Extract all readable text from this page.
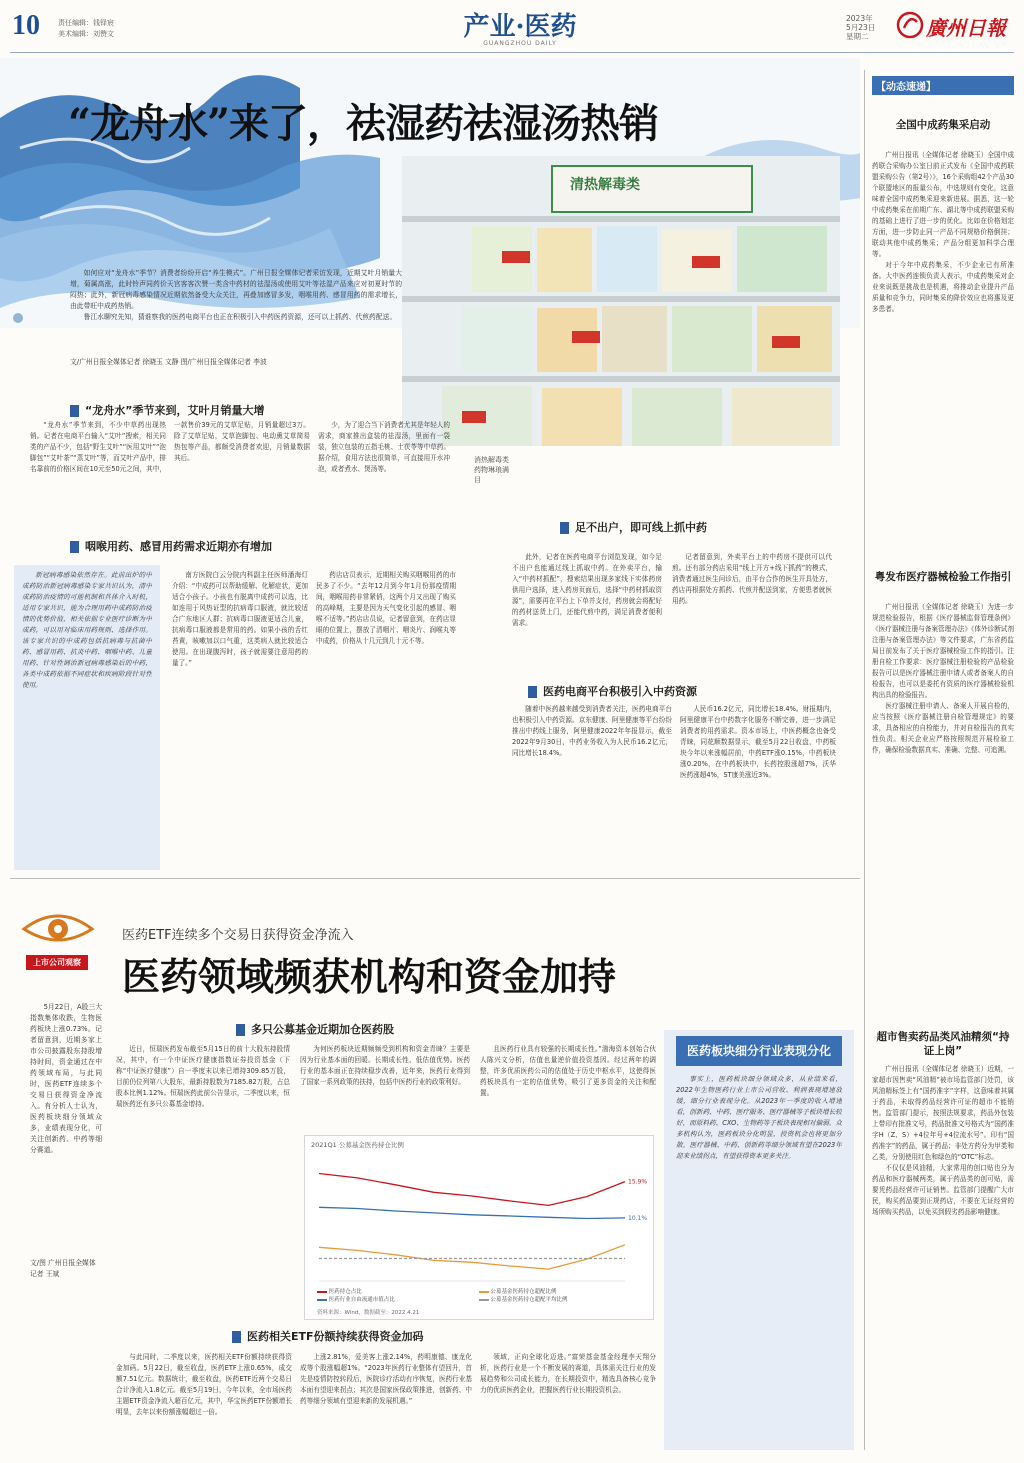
10	责任编辑：钱铎宸
美术编辑：刘赞文	产业·医药
GUANGZHOU DAILY
2023年
5月23日
星期二	廣州日報
“龙舟水”来了，祛湿药祛湿汤热销
清热解毒类
消热解毒类药物琳琅满目

如何应对“龙舟水”季节？消费者纷纷开启“养生模式”。广州日报全媒体记者采访发现，近期艾叶月销量大增，菊属高涨，此时铃声同药价天宫客客次赞一类含中药材的祛湿汤或使用艾叶等祛湿产品来应对初夏时节的闷热；此外，新冠病毒感染情况近期依然备受大众关注，再叠加感冒多发，咽喉用药、感冒用药的需求增长，由此带旺中成药热销。

鲁江水聊究先知，猜谁察我的医药电商平台也正在积极引入中药医药资源，还可以上抓药、代煎药配送。

文/广州日报全媒体记者 徐晓玉 文静 图/广州日报全媒体记者 李波
“龙舟水”季节来到，艾叶月销量大增

“龙舟水”季节来到，不少中草药出现热销。记者在电商平台输入“艾叶”搜索，相关同类的产品不少，包括“野生艾叶”“医用艾叶”“泡脚包”“艾叶茶”“蒸艾叶”等，而艾叶产品中，排名靠前的价格区间在10元至50元之间，其中，一款售价39元的艾草足贴，月销量超过3万。除了艾草足贴，艾草泡脚包、电动熏艾草简易热包等产品，都颇受消费者欢迎，月销量数据其后。

少，为了迎合当下消费者尤其是年轻人的需求，商家推出盒装的祛湿汤，里面有一袋装，独立包装的五指毛桃、土茯苓等中草药。据介绍，食用方法也很简单，可直接用开水冲泡，或者煮水、煲汤等。

咽喉用药、感冒用药需求近期亦有增加

新冠病毒感染依然存在。此前出炉的中成药防治新冠病毒感染专家共识认为，清中成药防治疫情的可能机制和具体介入时机，适用专家共识，能为合理用药中成药防治疫情的优势价值，相关依据专业医疗诊断为中成药，可以用对临床用药规则、选择作用。该专家共识的中成药包括抗病毒与抗菌中药、感冒用药、抗炎中药、咽喉中药、儿童用药、针对性调治新冠病毒感染后的中药，各类中成药依据不同症状和疾病阶段针对性使用。

南方医院白云分院内科副主任医师潘海灯介绍：“中成药可以帮助缓解、化解症状，更加适合小孩子。小孩也有脱离中成药可以选，比如连用于风热证型的抗病毒口服液，就比较适合广东地区人群；抗病毒口服液更适合儿童，抗病毒口服液都是常用的药。如果小孩的舌红苔黄，咳嗽加以口气重，这类病人就比较适合使用。在出现腹泻时，孩子就需要注意用药的量了。”

药店店员表示，近期相关购买咽喉用药的市民多了不少。“去年12月到今年1月份那疫情期间，咽喉用药非常紧俏，这两个月又出现了购买的高峰期，主要是因为天气变化引起的感冒、咽喉不适等。”药店店员说，记者留意到，在药店显眼的位置上，摆放了清咽片、咽炎片、润喉丸等中成药，价格从十几元到几十元不等。

足不出户，即可线上抓中药

此外，记者在医药电商平台浏览发现，如今足不出户也能通过线上抓取中药。在外卖平台，输入“中药材抓配”，搜索结果出现多家线下实体药房供用户选择，进入药房页面后，选择“中药材抓取资源”，需要再在平台上下单并支付，药房就会将配好的药材送货上门，还能代煎中药，满足消费者便利需求。

记者留意到，外卖平台上的中药房不提供可以代煎。还有部分药店采用“线上开方+线下抓药”的模式，消费者通过医生问诊后，由平台合作的医生开具处方，药店再根据处方抓药、代煎并配送到家，方便患者就医用药。

医药电商平台积极引入中药资源

随着中医药越来越受到消费者关注，医药电商平台也积极引入中药资源。京东健康、阿里健康等平台纷纷推出中药线上服务，阿里健康2022年年报显示，截至2022年9月30日，中药业务收入为人民币16.2亿元，同比增长18.4%。

人民币16.2亿元，同比增长18.4%。财报期内，阿里健康平台中药数字化服务不断完善，进一步满足消费者的用药需求。资本市场上，中医药概念也备受青睐，同花顺数据显示，截至5月22日收盘，中药板块今年以来涨幅居前，中药ETF涨0.15%，中药板块涨0.20%，在中药板块中，长药控股涨超7%，沃华医药涨超4%，ST康美涨近3%。

上市公司观察
医药ETF连续多个交易日获得资金净流入
医药领域频获机构和资金加持

5月22日，A股三大指数集体收跌，生物医药板块上涨0.73%。记者留意到，近期多家上市公司披露股东持股增持时间，资金通过在中药领域布局，与此同时，医药ETF连续多个交易日获得资金净流入。有分析人士认为，医药板块细分领域众多，业绩表现分化，可关注创新药、中药等细分赛道。

文/图 广州日报全媒体记者 王斌
多只公募基金近期加仓医药股

近日，恒瑞医药发布截至5月15日的前十大股东持股情况，其中，有一个中证医疗健康指数证券投资基金（下称“中证医疗健康”）自一季度末以来已增持309.85万股，目前仍位列第八大股东，最新持股数为7185.82万股，占总股本比例1.12%。恒瑞医药此前公告显示，二季度以来，恒瑞医药还有多只公募基金增持。

为何医药板块近期频频受到机构和资金青睐？主要是因为行业基本面的回暖。长期成长性、低估值优势。医药行业的基本面正在持续稳步改善，近年来，医药行业得到了国家一系列政策的扶持，包括中医药行业的政策利好。

且医药行业具有较强的长期成长性。”渤海资本创始合伙人陈兴文分析，估值也量逆价值投资基因。经过两年的调整，许多优质医药公司的估值处于历史中枢水平，这使得医药板块具有一定的估值优势，吸引了更多资金的关注和配置。

2021Q1 公募基金医药持仓比例
15.9%
10.1%
医药持仓占比	公募基金医药持仓超配比例
医药行业自由流通市值占比	公募基金医药持仓超配平均比例
资料来源：Wind，数据截至：2022.4.21
医药板块细分行业表现分化

事实上，医药板块细分领域众多，从业绩来看，2022年生物医药行业上市公司营收、利润表现增速放缓，细分行业表现分化。从2023年一季度的收入增速看，创新药、中药、医疗服务、医疗器械等子板块增长较好，而原料药、CXO、生物药等子板块表现相对偏弱。众多机构认为，医药板块分化明显，投资机会也将更加分散。医疗器械、中药、创新药等细分领域有望在2023年迎来业绩拐点，有望获得资本更多关注。

医药相关ETF份额持续获得资金加码

与此同时，二季度以来，医药相关ETF份额持续获得资金加码。5月22日，截至收盘，医药ETF上涨0.65%，成交额7.51亿元。数据统计，截至收盘，医药ETF近两个交易日合计净流入1.8亿元。截至5月19日，今年以来，全市场医药主题ETF资金净流入超百亿元，其中，华宝医药ETF份额增长明显，去年以来份额涨幅超过一倍。

上涨2.81%，爱美客上涨2.14%，药明康德、康龙化成等个股涨幅超1%。“2023年医药行业整体有望回升，首先是疫情防控转段后，医院诊疗活动有序恢复，医药行业基本面有望迎来拐点；其次是国家医保政策推进，创新药、中药等细分领域有望迎来新的发展机遇。”

领域，正向全球化迈进。”富荣基金基金经理李天翔分析，医药行业是一个不断发展的赛道，具体需关注行业的发展趋势和公司成长能力，在长期投资中，精选具备核心竞争力的优质医药企业，把握医药行业长期投资机会。

【动态速递】
全国中成药集采启动

广州日报讯（全媒体记者 徐晓玉）全国中成药联合采购办公室日前正式发布《全国中成药联盟采购公告（第2号）》，16个采购组42个产品30个联盟地区的报量公布，中选规则有变化，这意味着全国中成药集采迎来新进展。据悉，这一轮中成药集采在前期广东、湖北等中成药联盟采购的基础上进行了进一步的优化。比如在价格划定方面，进一步防止同一产品不同规格价格倒挂；联动其他中成药集采；产品分组更加科学合理等。

对于今年中成药集采，不少企业已有所准备。大中医药连锁负责人表示，中成药集采对企业来说既是挑战也是机遇，将推动企业提升产品质量和竞争力，同时集采的降价效应也将惠及更多患者。

粤发布医疗器械检验工作指引

广州日报讯（全媒体记者 徐晓玉）为进一步规范检验报告，根据《医疗器械监督管理条例》《医疗器械注册与备案管理办法》《体外诊断试剂注册与备案管理办法》等文件要求，广东省药监局日前发布了关于医疗器械检验工作的指引。注册自检工作要求：医疗器械注册检验的产品检验报告可以是医疗器械注册申请人或者备案人的自检报告，也可以是委托有资质的医疗器械检验机构出具的检验报告。

医疗器械注册申请人、备案人开展自检的，应当按照《医疗器械注册自检管理规定》的要求，具备相应的自检能力，并对自检报告的真实性负责。相关企业应严格按照规范开展检验工作，确保检验数据真实、准确、完整、可追溯。

超市售卖药品类风油精须“持证上岗”

广州日报讯（全媒体记者 徐晓玉）近期，一家超市因售卖“风油精”被市场监管部门处罚，该风油精标签上有“国药准字”字样，这意味着其属于药品，未取得药品经营许可证的超市不能销售。监管部门提示，按照法规要求，药品外包装上带印有批准文号，药品批准文号格式为“国药准字H（Z、S）+4位年号+4位流水号”。印有“国药准字”的药品，属于药品；非处方药分为甲类和乙类，分别使用红色和绿色的“OTC”标志。

不仅仅是风油精，大家常用的创口贴也分为药品和医疗器械两类，属于药品类的创可贴，需要凭药品经营许可证销售。监管部门提醒广大市民，购买药品要到正规药店，不要在无证经营的场所购买药品，以免买到假劣药品影响健康。
